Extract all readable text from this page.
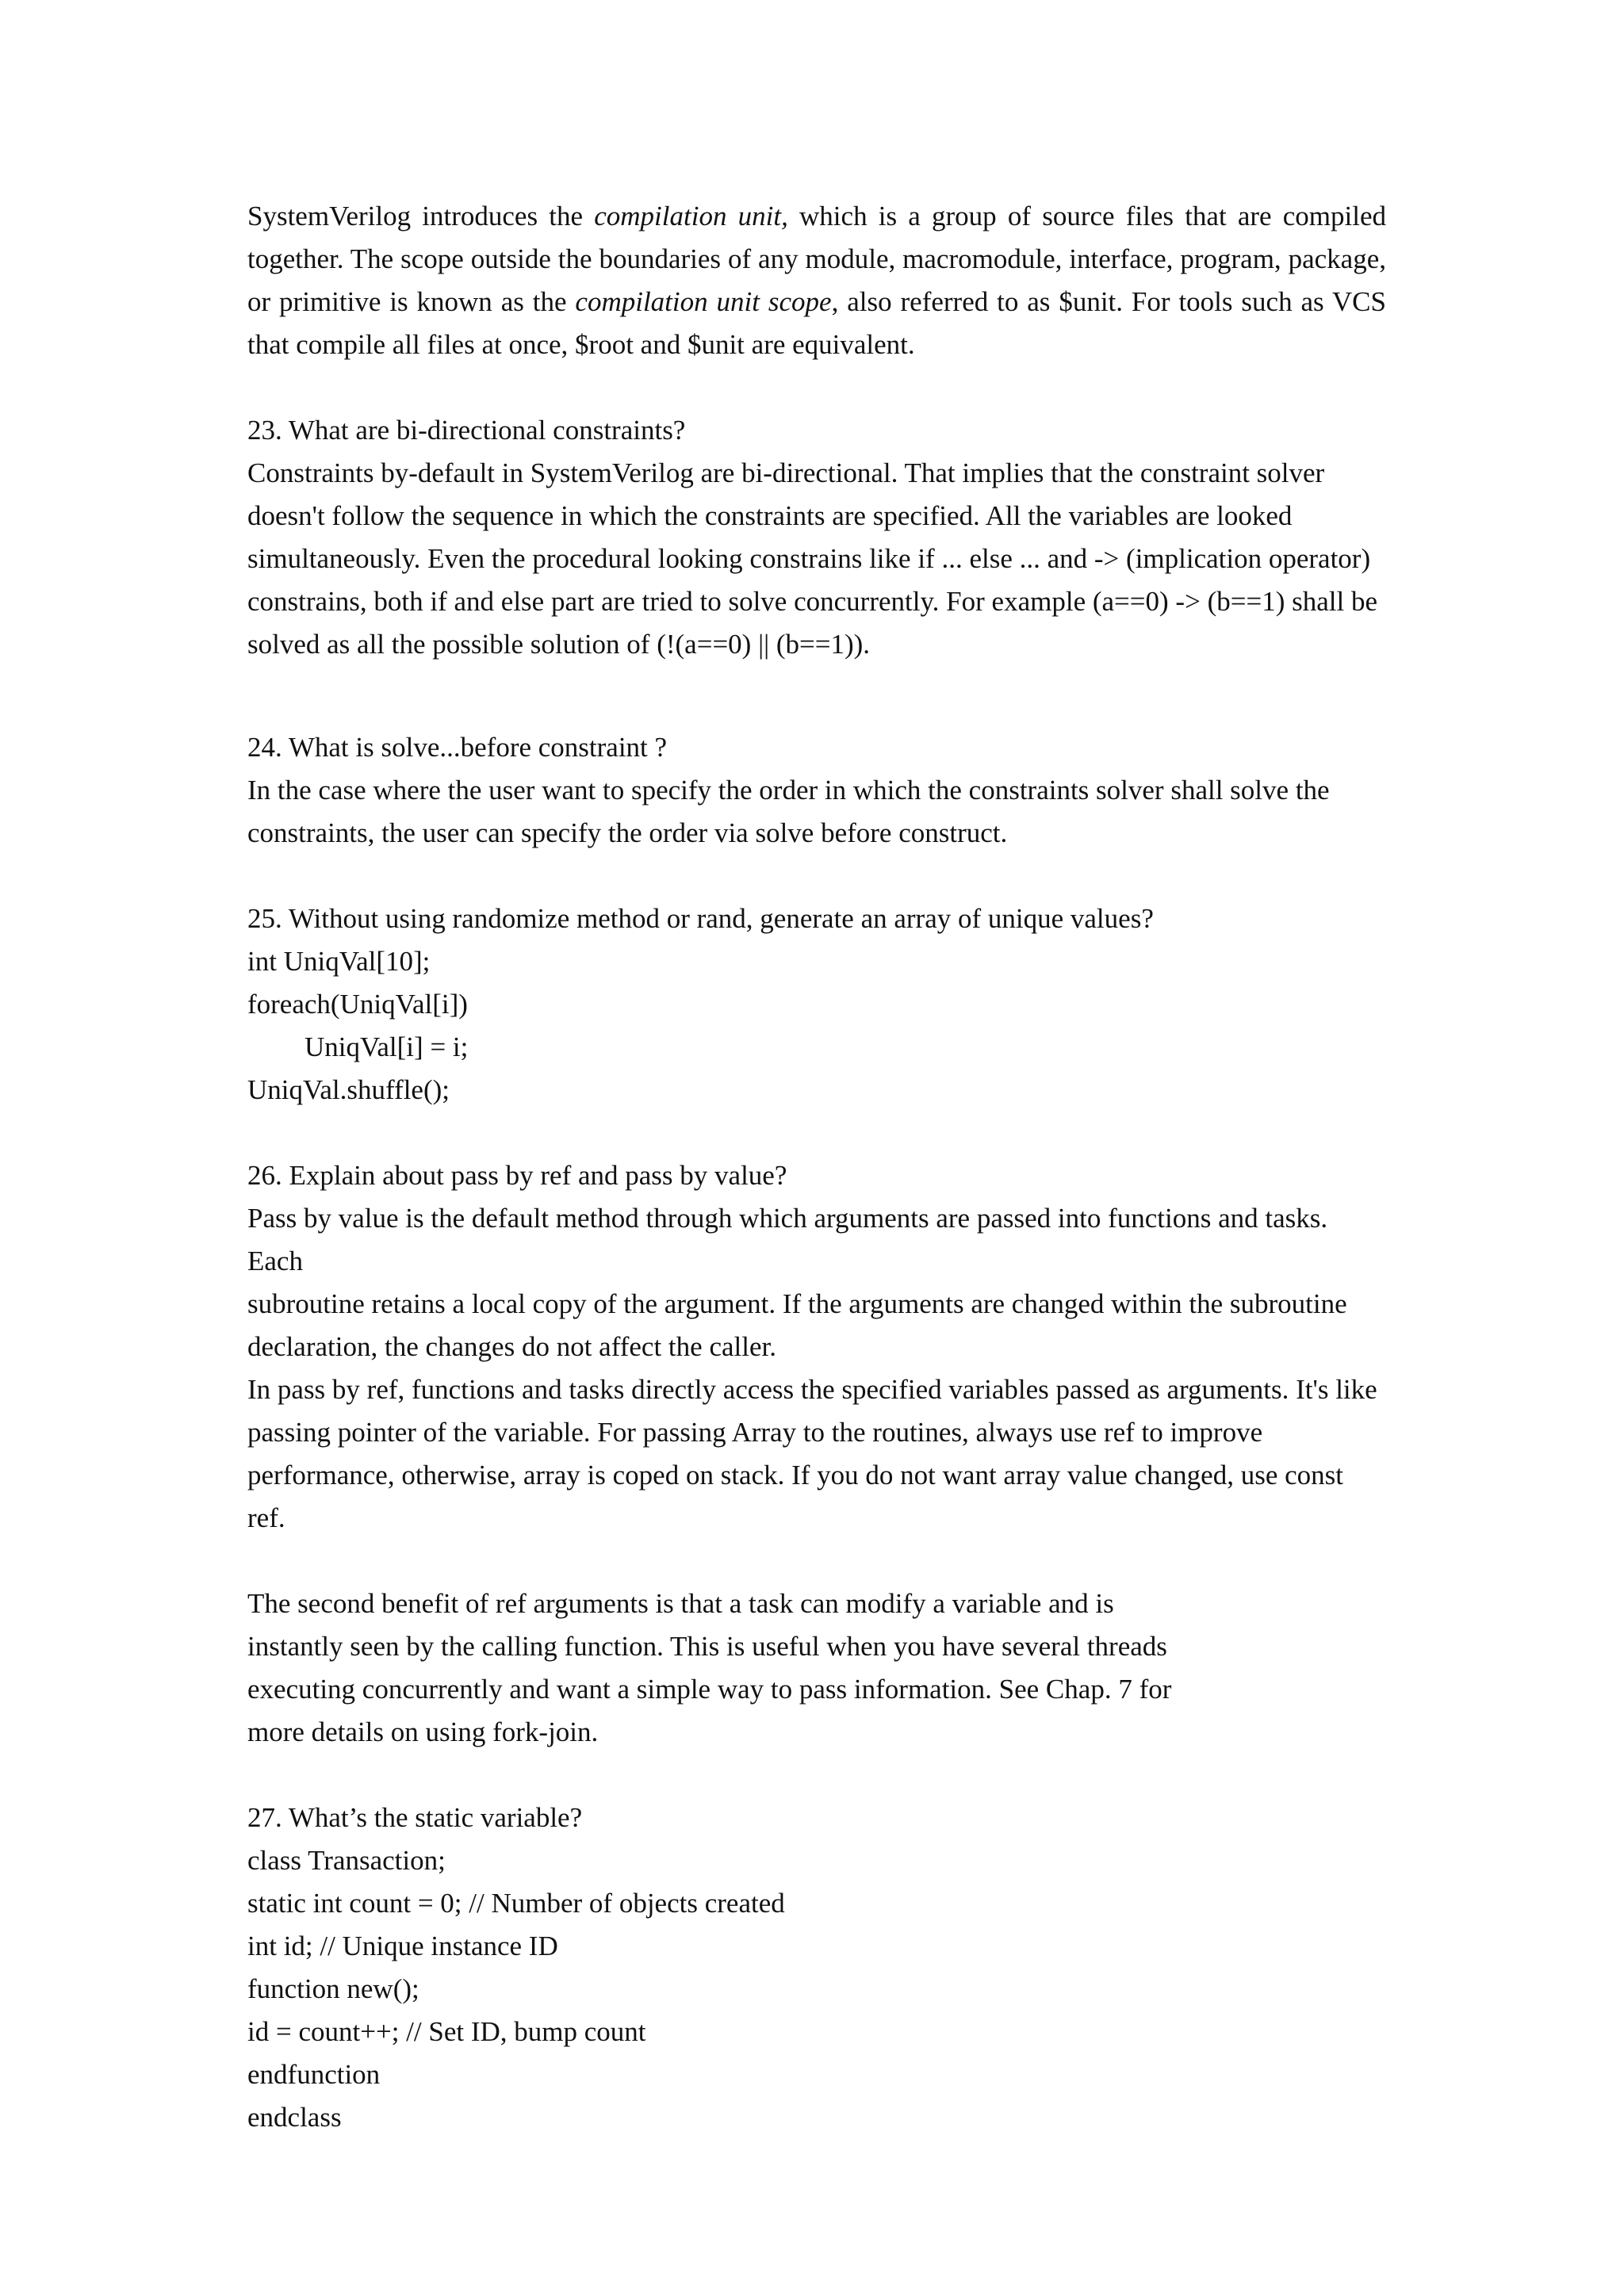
SystemVerilog introduces the compilation unit, which is a group of source files that are compiled
together. The scope outside the boundaries of any module, macromodule, interface, program, package,
or primitive is known as the compilation unit scope, also referred to as $unit. For tools such as VCS
that compile all files at once, $root and $unit are equivalent.

23. What are bi-directional constraints?

Constraints by-default in SystemVerilog are bi-directional. That implies that the constraint solver
doesn't follow the sequence in which the constraints are specified. All the variables are looked
simultaneously. Even the procedural looking constrains like if ... else ... and -> (implication operator)
constrains, both if and else part are tried to solve concurrently. For example (a==0) -> (b==1) shall be
solved as all the possible solution of (!(a==0) || (b==1)).

24. What is solve...before constraint ?

In the case where the user want to specify the order in which the constraints solver shall solve the
constraints, the user can specify the order via solve before construct.

25. Without using randomize method or rand, generate an array of unique values?

int UniqVal[10];

foreach(UniqVal[i])

UniqVal[i] = i;

UniqVal.shuffle();

26. Explain about pass by ref and pass by value?

Pass by value is the default method through which arguments are passed into functions and tasks. Each
subroutine retains a local copy of the argument. If the arguments are changed within the subroutine
declaration, the changes do not affect the caller.
In pass by ref, functions and tasks directly access the specified variables passed as arguments. It's like
passing pointer of the variable. For passing Array to the routines, always use ref to improve
performance, otherwise, array is coped on stack. If you do not want array value changed, use const ref.
The second benefit of ref arguments is that a task can modify a variable and is
instantly seen by the calling function. This is useful when you have several threads
executing concurrently and want a simple way to pass information. See Chap. 7 for
more details on using fork-join.

27. What’s the static variable?

class Transaction;

static int count = 0; // Number of objects created

int id; // Unique instance ID

function new();

id = count++; // Set ID, bump count

endfunction

endclass
